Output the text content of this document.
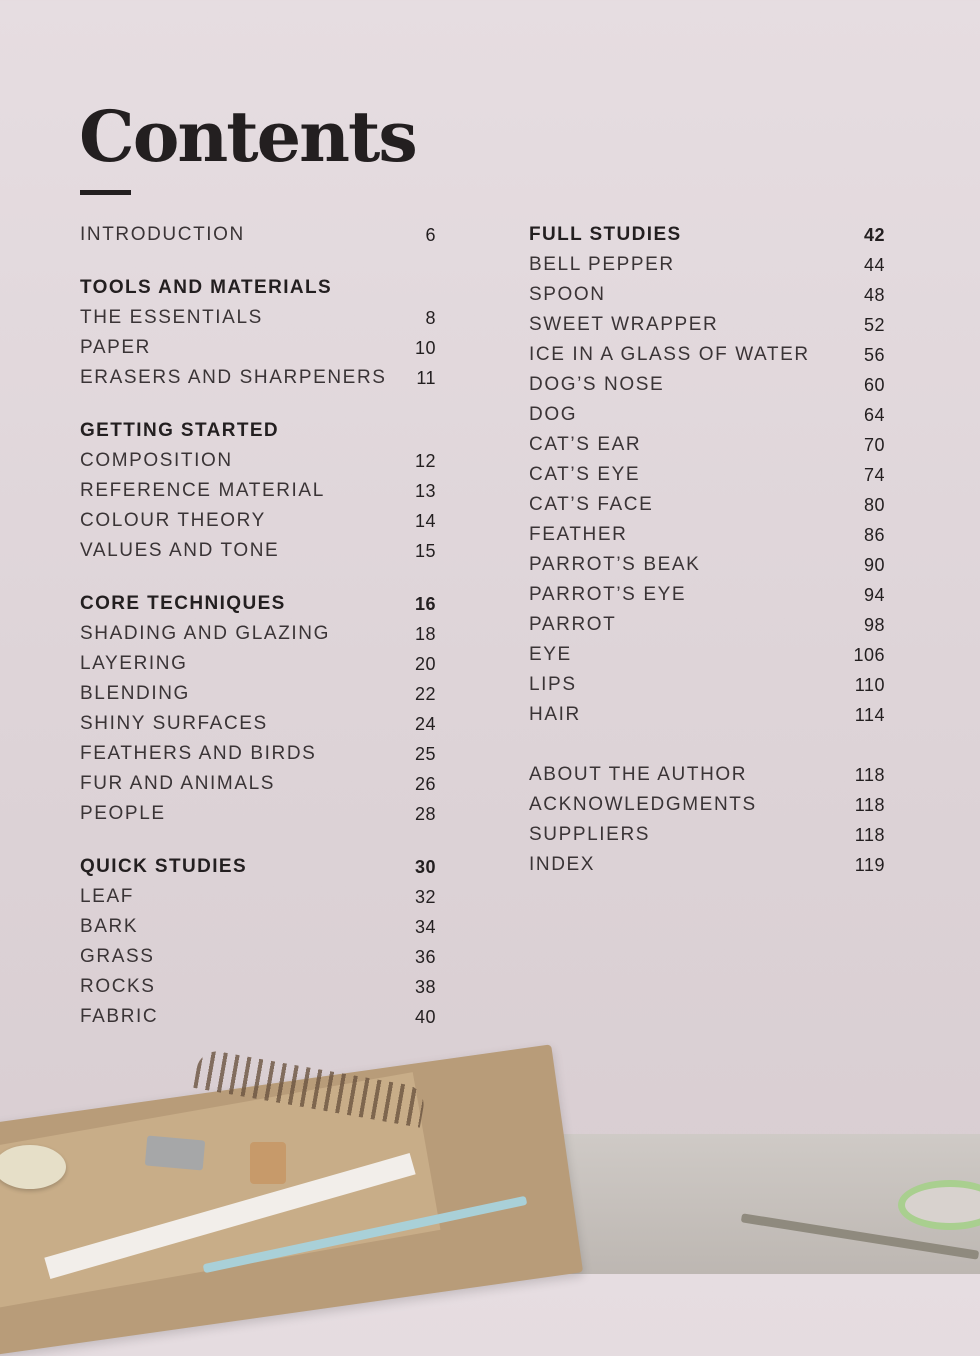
Contents
INTRODUCTION	6
TOOLS AND MATERIALS
THE ESSENTIALS	8
PAPER	10
ERASERS AND SHARPENERS 11
GETTING STARTED
COMPOSITION	12
REFERENCE MATERIAL	13
COLOUR THEORY	14
VALUES AND TONE	15
CORE TECHNIQUES	16
SHADING AND GLAZING	18
LAYERING	20
BLENDING	22
SHINY SURFACES	24
FEATHERS AND BIRDS	25
FUR AND ANIMALS	26
PEOPLE	28
QUICK STUDIES	30
LEAF	32
BARK	34
GRASS	36
ROCKS	38
FABRIC	40
FULL STUDIES	42
BELL PEPPER	44
SPOON	48
SWEET WRAPPER	52
ICE IN A GLASS OF WATER	56
DOG’S NOSE	60
DOG	64
CAT’S EAR	70
CAT’S EYE	74
CAT’S FACE	80
FEATHER	86
PARROT’S BEAK	90
PARROT’S EYE	94
PARROT	98
EYE	106
LIPS	110
HAIR	114
ABOUT THE AUTHOR	118
ACKNOWLEDGMENTS	118
SUPPLIERS	118
INDEX	119
